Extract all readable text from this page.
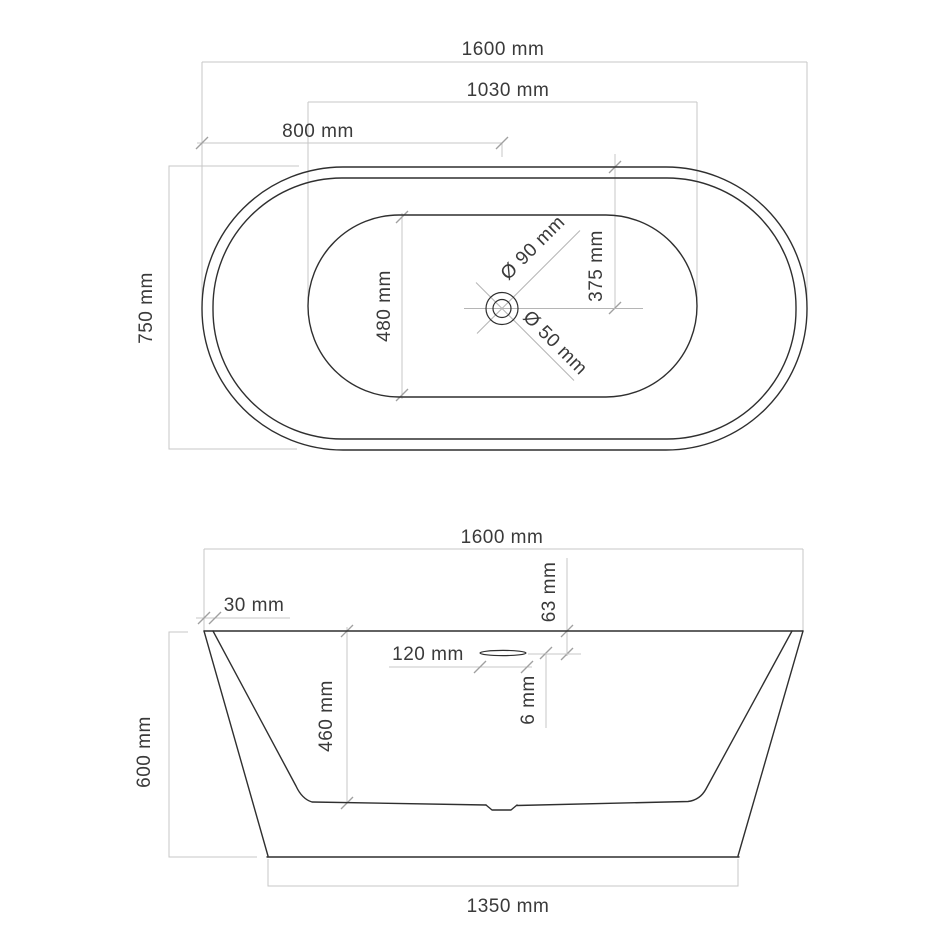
1600 mm
1030 mm
800 mm
750 mm	480 mm
375 mm
Ø 90 mm
Ø 50 mm
1600 mm
30 mm	63 mm
120 mm
6 mm
460 mm
600 mm
1350 mm
